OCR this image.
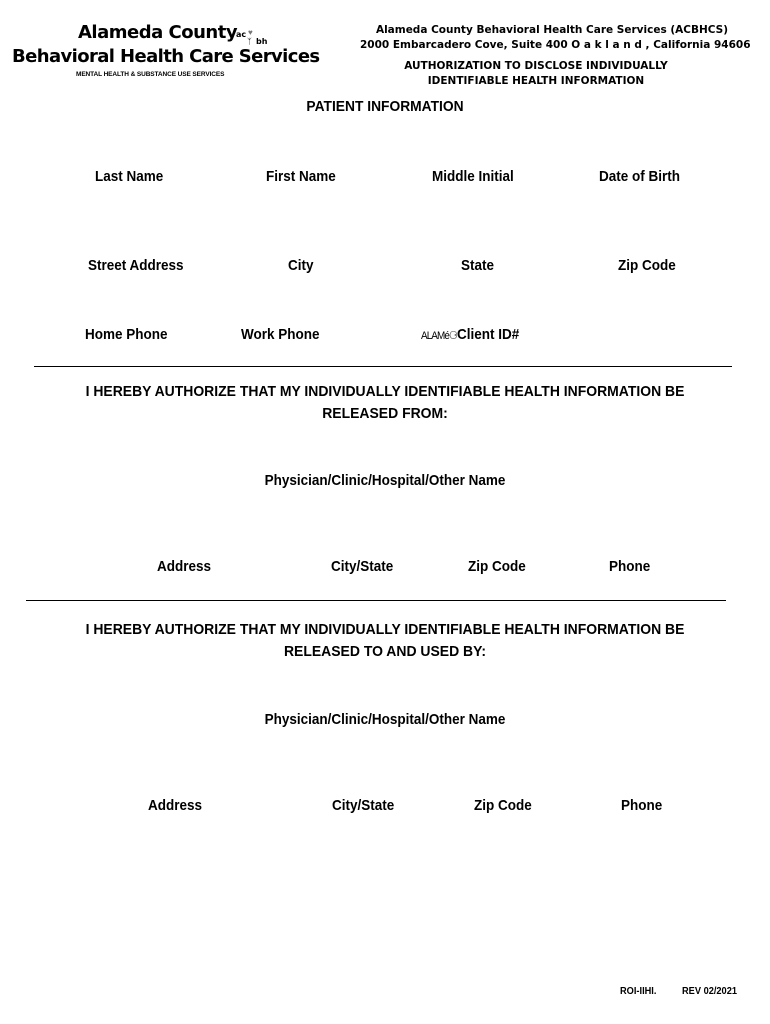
Alameda County
ac ♥
ᛉ bh
Behavioral Health Care Services
MENTAL HEALTH & SUBSTANCE USE SERVICES
Alameda County Behavioral Health Care Services (ACBHCS)
2000 Embarcadero Cove, Suite 400 O a k l a n d , California 94606
AUTHORIZATION TO DISCLOSE INDIVIDUALLY
IDENTIFIABLE HEALTH INFORMATION
PATIENT INFORMATION
Last Name	First Name	Middle Initial	Date of Birth
Street Address	City	State	Zip Code
Home Phone	Work Phone	ALAMé⚆Client ID#
I HEREBY AUTHORIZE THAT MY INDIVIDUALLY IDENTIFIABLE HEALTH INFORMATION BE RELEASED FROM:
Physician/Clinic/Hospital/Other Name
Address	City/State	Zip Code	Phone
I HEREBY AUTHORIZE THAT MY INDIVIDUALLY IDENTIFIABLE HEALTH INFORMATION BE RELEASED TO AND USED BY:
Physician/Clinic/Hospital/Other Name
Address	City/State	Zip Code	Phone
ROI-IIHI. REV 02/2021
